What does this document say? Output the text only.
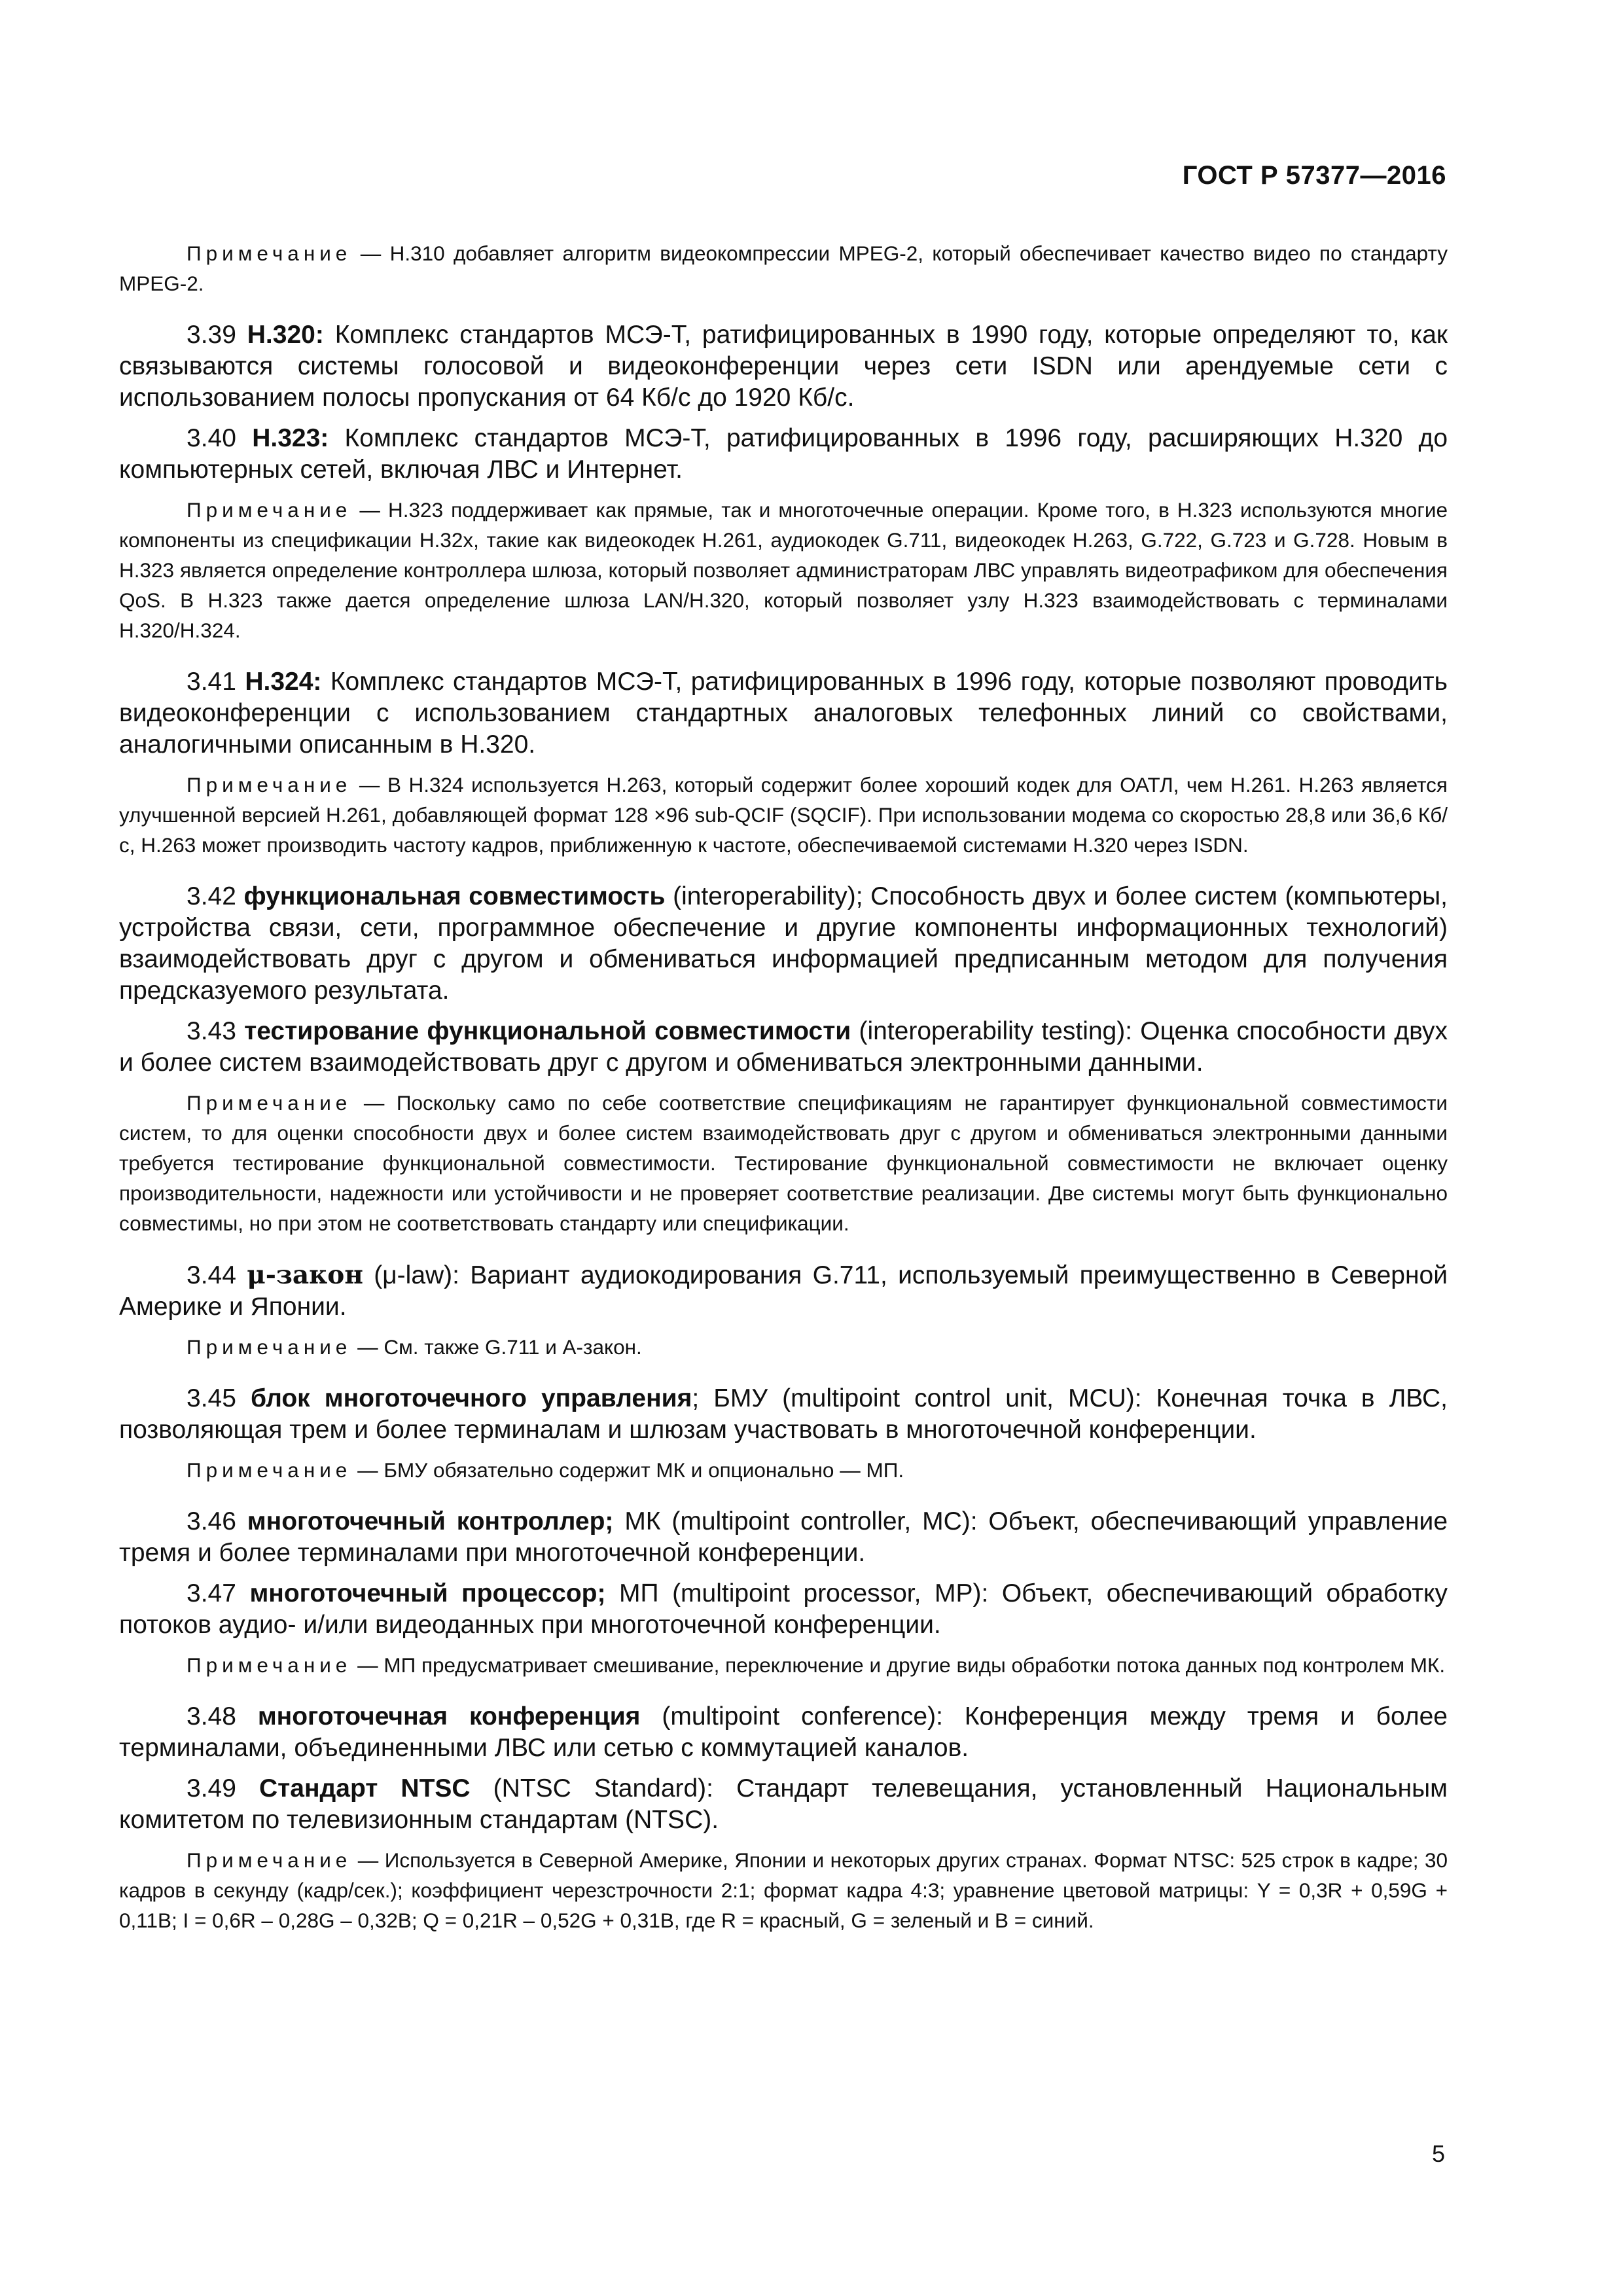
ГОСТ Р 57377—2016

Примечание — H.310 добавляет алгоритм видеокомпрессии MPEG-2, который обеспечивает качество видео по стандарту MPEG-2.

3.39 H.320: Комплекс стандартов МСЭ-Т, ратифицированных в 1990 году, которые определяют то, как связываются системы голосовой и видеоконференции через сети ISDN или арендуемые сети с использованием полосы пропускания от 64 Кб/с до 1920 Кб/с.

3.40 H.323: Комплекс стандартов МСЭ-Т, ратифицированных в 1996 году, расширяющих H.320 до компьютерных сетей, включая ЛВС и Интернет.

Примечание — H.323 поддерживает как прямые, так и многоточечные операции. Кроме того, в H.323 используются многие компоненты из спецификации H.32x, такие как видеокодек H.261, аудиокодек G.711, видеокодек H.263, G.722, G.723 и G.728. Новым в H.323 является определение контроллера шлюза, который позволяет администраторам ЛВС управлять видеотрафиком для обеспечения QoS. В H.323 также дается определение шлюза LAN/H.320, который позволяет узлу H.323 взаимодействовать с терминалами H.320/H.324.

3.41 H.324: Комплекс стандартов МСЭ-Т, ратифицированных в 1996 году, которые позволяют проводить видеоконференции с использованием стандартных аналоговых телефонных линий со свойствами, аналогичными описанным в H.320.

Примечание — В H.324 используется H.263, который содержит более хороший кодек для ОАТЛ, чем H.261. H.263 является улучшенной версией H.261, добавляющей формат 128 ×96 sub-QCIF (SQCIF). При использовании модема со скоростью 28,8 или 36,6 Кб/с, H.263 может производить частоту кадров, приближенную к частоте, обеспечиваемой системами H.320 через ISDN.

3.42 функциональная совместимость (interoperability); Способность двух и более систем (компьютеры, устройства связи, сети, программное обеспечение и другие компоненты информационных технологий) взаимодействовать друг с другом и обмениваться информацией предписанным методом для получения предсказуемого результата.

3.43 тестирование функциональной совместимости (interoperability testing): Оценка способности двух и более систем взаимодействовать друг с другом и обмениваться электронными данными.

Примечание — Поскольку само по себе соответствие спецификациям не гарантирует функциональной совместимости систем, то для оценки способности двух и более систем взаимодействовать друг с другом и обмениваться электронными данными требуется тестирование функциональной совместимости. Тестирование функциональной совместимости не включает оценку производительности, надежности или устойчивости и не проверяет соответствие реализации. Две системы могут быть функционально совместимы, но при этом не соответствовать стандарту или спецификации.

3.44 μ-закон (μ-law): Вариант аудиокодирования G.711, используемый преимущественно в Северной Америке и Японии.

Примечание — См. также G.711 и А-закон.

3.45 блок многоточечного управления; БМУ (multipoint control unit, MCU): Конечная точка в ЛВС, позволяющая трем и более терминалам и шлюзам участвовать в многоточечной конференции.

Примечание — БМУ обязательно содержит МК и опционально — МП.

3.46 многоточечный контроллер; МК (multipoint controller, MC): Объект, обеспечивающий управление тремя и более терминалами при многоточечной конференции.

3.47 многоточечный процессор; МП (multipoint processor, MP): Объект, обеспечивающий обработку потоков аудио- и/или видеоданных при многоточечной конференции.

Примечание — МП предусматривает смешивание, переключение и другие виды обработки потока данных под контролем МК.

3.48 многоточечная конференция (multipoint conference): Конференция между тремя и более терминалами, объединенными ЛВС или сетью с коммутацией каналов.

3.49 Стандарт NTSC (NTSC Standard): Стандарт телевещания, установленный Национальным комитетом по телевизионным стандартам (NTSC).

Примечание — Используется в Северной Америке, Японии и некоторых других странах. Формат NTSC: 525 строк в кадре; 30 кадров в секунду (кадр/сек.); коэффициент черезстрочности 2:1; формат кадра 4:3; уравнение цветовой матрицы: Y = 0,3R + 0,59G + 0,11B; I = 0,6R – 0,28G – 0,32B; Q = 0,21R – 0,52G + 0,31B, где R = красный, G = зеленый и B = синий.

5
